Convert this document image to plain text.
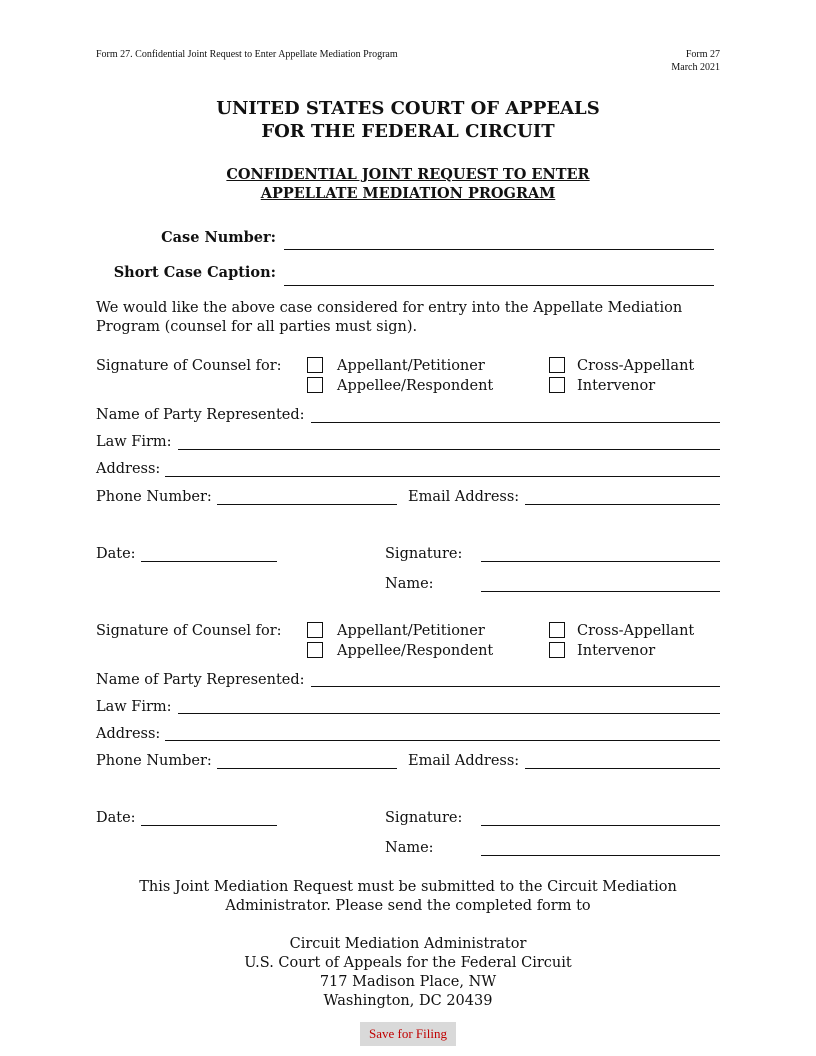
Form 27. Confidential Joint Request to Enter Appellate Mediation Program	Form 27
March 2021
UNITED STATES COURT OF APPEALS
FOR THE FEDERAL CIRCUIT
CONFIDENTIAL JOINT REQUEST TO ENTER
APPELLATE MEDIATION PROGRAM
Case Number:
Short Case Caption:
We would like the above case considered for entry into the Appellate Mediation
Program (counsel for all parties must sign).
Signature of Counsel for:	Appellant/Petitioner
Appellee/Respondent
Cross-Appellant
Intervenor
Name of Party Represented:
Law Firm:
Address:
Phone Number:	Email Address:
Date:	Signature:
Name:
Signature of Counsel for:	Appellant/Petitioner
Appellee/Respondent
Cross-Appellant
Intervenor
Name of Party Represented:
Law Firm:
Address:
Phone Number:	Email Address:
Date:	Signature:
Name:
This Joint Mediation Request must be submitted to the Circuit Mediation
Administrator. Please send the completed form to
Circuit Mediation Administrator
U.S. Court of Appeals for the Federal Circuit
717 Madison Place, NW
Washington, DC 20439
Save for Filing
